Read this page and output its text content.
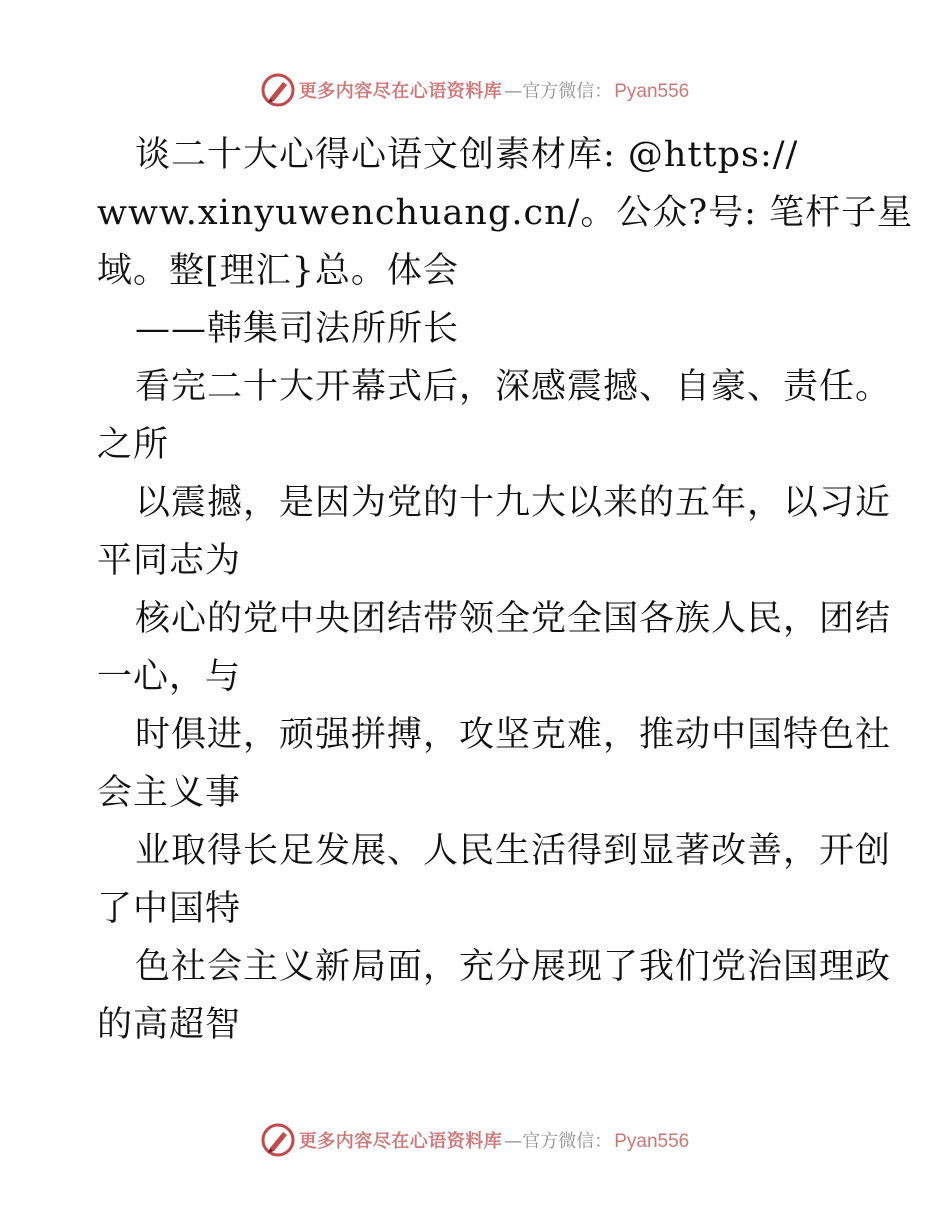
更多内容尽在心语资料库 —官方微信： Pyan556
谈二十大心得心语文创素材库: @https://
www.xinyuwenchuang.cn/。公众?号: 笔杆子星
域。整[理汇}总。体会
——韩集司法所所长
看完二十大开幕式后，深感震撼、自豪、责任。
之所
以震撼，是因为党的十九大以来的五年，以习近
平同志为
核心的党中央团结带领全党全国各族人民，团结
一心，与
时俱进，顽强拼搏，攻坚克难，推动中国特色社
会主义事
业取得长足发展、人民生活得到显著改善，开创
了中国特
色社会主义新局面，充分展现了我们党治国理政
的高超智
更多内容尽在心语资料库 —官方微信： Pyan556
